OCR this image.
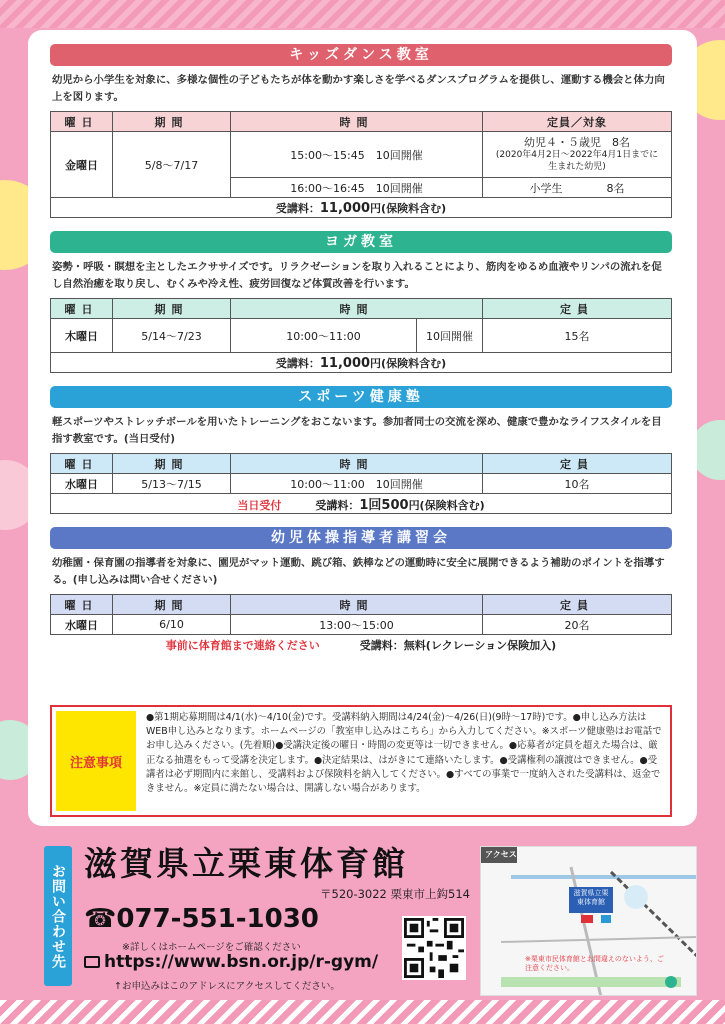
キッズダンス教室
幼児から小学生を対象に、多様な個性の子どもたちが体を動かす楽しさを学べるダンスプログラムを提供し、運動する機会と体力向上を図ります。
曜日	期間	時間	定員／対象
金曜日	5/8〜7/17	15:00〜15:45　10回開催	幼児４・５歳児　8名
(2020年4月2日〜2022年4月1日までに生まれた幼児)

		16:00〜16:45　10回開催	小学生　　　　8名
受講料：11,000円(保険料含む)			
ヨガ教室
姿勢・呼吸・瞑想を主としたエクササイズです。リラクゼーションを取り入れることにより、筋肉をゆるめ血液やリンパの流れを促し自然治癒を取り戻し、むくみや冷え性、疲労回復など体質改善を行います。
曜日	期間	時間		定員
木曜日	5/14〜7/23	10:00〜11:00	10回開催	15名
受講料：11,000円(保険料含む)				
スポーツ健康塾
軽スポーツやストレッチボールを用いたトレーニングをおこないます。参加者同士の交流を深め、健康で豊かなライフスタイルを目指す教室です。(当日受付)
曜日	期間	時間	定員
水曜日	5/13〜7/15	10:00〜11:00　10回開催	10名
当日受付 受講料：1回500円(保険料含む)			
幼児体操指導者講習会
幼稚園・保育園の指導者を対象に、園児がマット運動、跳び箱、鉄棒などの運動時に安全に展開できるよう補助のポイントを指導する。(申し込みは問い合せください)
曜日	期間	時間	定員
水曜日	6/10	13:00〜15:00	20名
事前に体育館まで連絡ください 受講料：無料(レクレーション保険加入)			
注意事項
●第1期応募期間は4/1(水)〜4/10(金)です。受講料納入期間は4/24(金)〜4/26(日)(9時〜17時)です。●申し込み方法はWEB申し込みとなります。ホームページの「教室申し込みはこちら」から入力してください。※スポーツ健康塾はお電話でお申し込みください。(先着順)●受講決定後の曜日・時間の変更等は一切できません。●応募者が定員を超えた場合は、厳正なる抽選をもって受講を決定します。●決定結果は、はがきにて連絡いたします。●受講権利の譲渡はできません。●受講者は必ず期間内に来館し、受講料および保険料を納入してください。●すべての事業で一度納入された受講料は、返金できません。※定員に満たない場合は、開講しない場合があります。
お問い合わせ先 滋賀県立栗東体育館
〒520-3022 栗東市上鈎514
☎077-551-1030
※詳しくはホームページをご確認ください
https://www.bsn.or.jp/r-gym/
↑お申込みはこのアドレスにアクセスしてください。
アクセス
滋賀県立栗東体育館
※栗東市民体育館とお間違えのないよう、ご注意ください。
